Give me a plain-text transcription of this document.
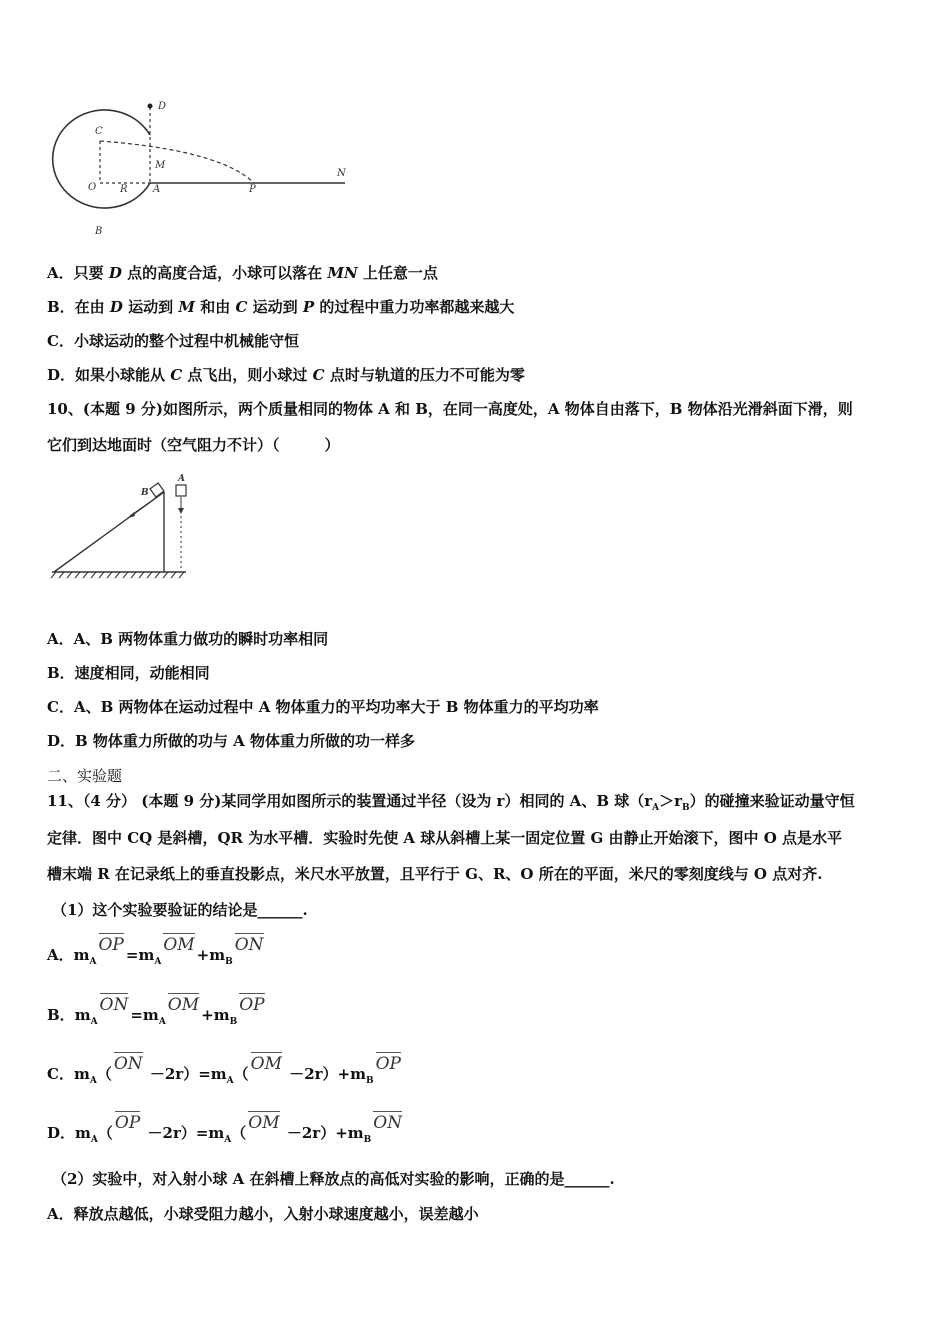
D
C
M
O R	A	P
N
B
A．只要 D 点的高度合适，小球可以落在 MN 上任意一点
B．在由 D 运动到 M 和由 C 运动到 P 的过程中重力功率都越来越大
C．小球运动的整个过程中机械能守恒
D．如果小球能从 C 点飞出，则小球过 C 点时与轨道的压力不可能为零
10、(本题 9 分)如图所示，两个质量相同的物体 A 和 B，在同一高度处，A 物体自由落下，B 物体沿光滑斜面下滑，则
它们到达地面时（空气阻力不计）（　　　）
B
A
A．A、B 两物体重力做功的瞬时功率相同
B．速度相同，动能相同
C．A、B 两物体在运动过程中 A 物体重力的平均功率大于 B 物体重力的平均功率
D．B 物体重力所做的功与 A 物体重力所做的功一样多
二、实验题
11、（4 分） (本题 9 分)某同学用如图所示的装置通过半径（设为 r）相同的 A、B 球$(r_A>r_B)$的碰撞来验证动量守恒
定律．图中 CQ 是斜槽，QR 为水平槽．实验时先使 A 球从斜槽上某一固定位置 G 由静止开始滚下，图中 O 点是水平
槽末端 R 在记录纸上的垂直投影点，米尺水平放置，且平行于 G、R、O 所在的平面，米尺的零刻度线与 O 点对齐.
（1）这个实验要验证的结论是______.
A．$m_AOP =m_AOM +m_BON$
B．$m_AON =m_AOM +m_BOP$
C．$m_A$（ ON $-2r)=m_A$（ OM $-2r)+m_BOP$
D．$m_A$（ OP $-2r)=m_A$（ OM $-2r)+m_BON$
（2）实验中，对入射小球 A 在斜槽上释放点的高低对实验的影响，正确的是______.
A．释放点越低，小球受阻力越小，入射小球速度越小，误差越小
